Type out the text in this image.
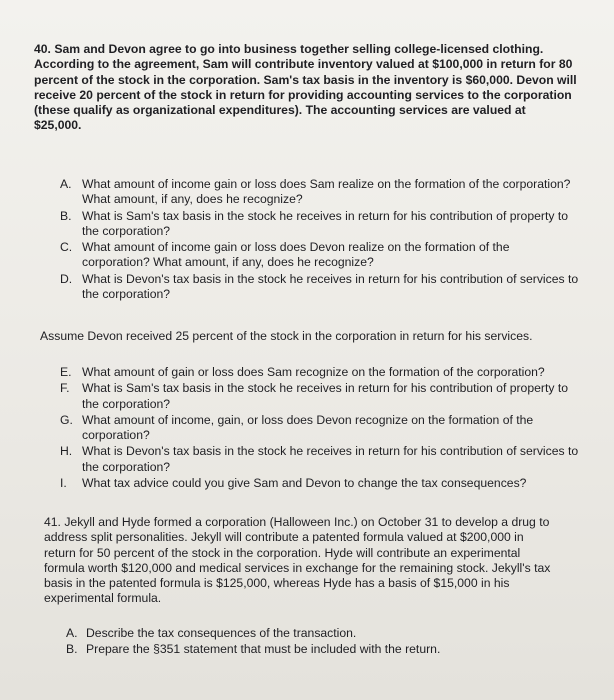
40. Sam and Devon agree to go into business together selling college-licensed clothing.
According to the agreement, Sam will contribute inventory valued at $100,000 in return for 80
percent of the stock in the corporation. Sam's tax basis in the inventory is $60,000. Devon will
receive 20 percent of the stock in return for providing accounting services to the corporation
(these qualify as organizational expenditures). The accounting services are valued at
$25,000.
A. What amount of income gain or loss does Sam realize on the formation of the corporation? What amount, if any, does he recognize?
B. What is Sam's tax basis in the stock he receives in return for his contribution of property to the corporation?
C. What amount of income gain or loss does Devon realize on the formation of the corporation? What amount, if any, does he recognize?
D. What is Devon's tax basis in the stock he receives in return for his contribution of services to the corporation?
Assume Devon received 25 percent of the stock in the corporation in return for his services.
E. What amount of gain or loss does Sam recognize on the formation of the corporation?
F.	What is Sam's tax basis in the stock he receives in return for his contribution of property to the corporation?
G. What amount of income, gain, or loss does Devon recognize on the formation of the corporation?
H. What is Devon's tax basis in the stock he receives in return for his contribution of services to the corporation?
I.	What tax advice could you give Sam and Devon to change the tax consequences?
41. Jekyll and Hyde formed a corporation (Halloween Inc.) on October 31 to develop a drug to
address split personalities. Jekyll will contribute a patented formula valued at $200,000 in
return for 50 percent of the stock in the corporation. Hyde will contribute an experimental
formula worth $120,000 and medical services in exchange for the remaining stock. Jekyll's tax
basis in the patented formula is $125,000, whereas Hyde has a basis of $15,000 in his
experimental formula.
A. Describe the tax consequences of the transaction.
B. Prepare the §351 statement that must be included with the return.
